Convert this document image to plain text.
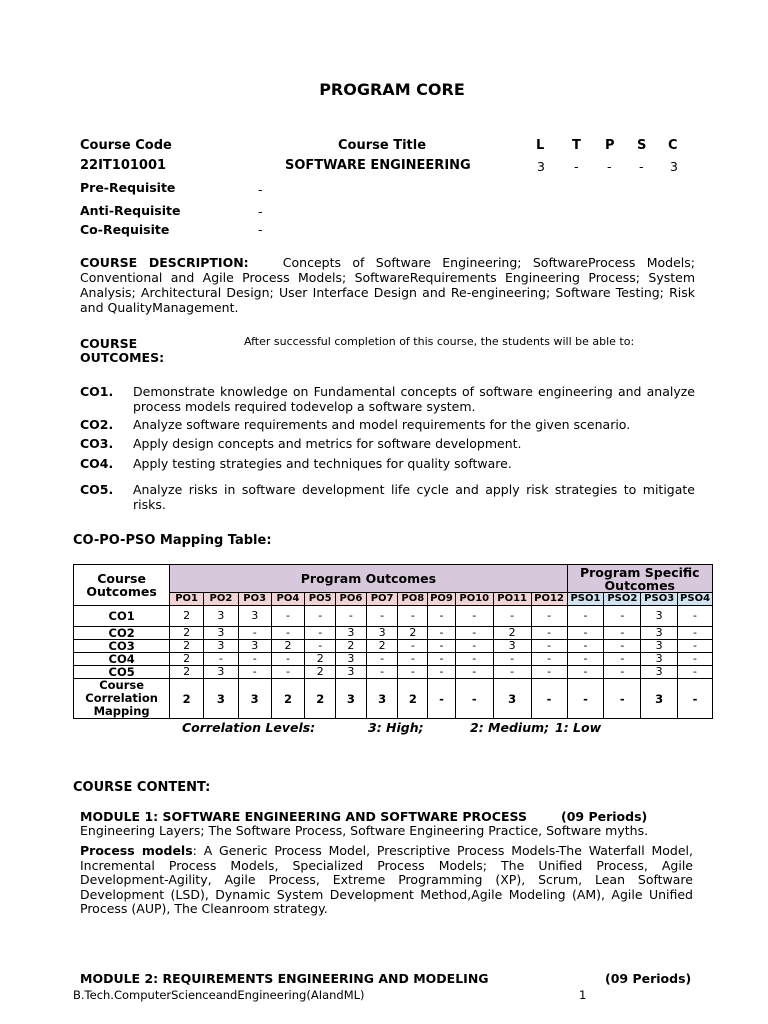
PROGRAM CORE
Course Code	Course Title	L T P S C
22IT101001	SOFTWARE ENGINEERING	3 - - - 3
Pre-Requisite	-
Anti-Requisite	-
Co-Requisite	-
COURSE DESCRIPTION:	Concepts of Software Engineering; SoftwareProcess Models; Conventional and Agile Process Models; SoftwareRequirements Engineering Process; System Analysis; Architectural Design; User Interface Design and Re-engineering; Software Testing; Risk and QualityManagement.
COURSE
OUTCOMES:
After successful completion of this course, the students will be able to:
CO1. Demonstrate knowledge on Fundamental concepts of software engineering and analyze process models required todevelop a software system.
CO2. Analyze software requirements and model requirements for the given scenario.
CO3. Apply design concepts and metrics for software development.
CO4. Apply testing strategies and techniques for quality software.
CO5. Analyze risks in software development life cycle and apply risk strategies to mitigate risks.
CO-PO-PSO Mapping Table:
Course Outcomes	Program Outcomes												Program Specific Outcomes			
	PO1	PO2	PO3	PO4	PO5	PO6	PO7	PO8	PO9	PO10	PO11	PO12	PSO1	PSO2	PSO3	PSO4
CO1	2	3	3	-	-	-	-	-	-	-	-	-	-	-	3	-
CO2	2	3	-	-	-	3	3	2	-	-	2	-	-	-	3	-
CO3	2	3	3	2	-	2	2	-	-	-	3	-	-	-	3	-
CO4	2	-	-	-	2	3	-	-	-	-	-	-	-	-	3	-
CO5	2	3	-	-	2	3	-	-	-	-	-	-	-	-	3	-
Course Correlation Mapping	2	3	3	2	2	3	3	2	-	-	3	-	-	-	3	-
Correlation Levels:	3: High;	2: Medium; 1: Low
COURSE CONTENT:
MODULE 1: SOFTWARE ENGINEERING AND SOFTWARE PROCESS	(09 Periods)
Engineering Layers; The Software Process, Software Engineering Practice, Software myths.
Process models: A Generic Process Model, Prescriptive Process Models-The Waterfall Model, Incremental Process Models, Specialized Process Models; The Unified Process, Agile Development-Agility, Agile Process, Extreme Programming (XP), Scrum, Lean Software Development (LSD), Dynamic System Development Method,Agile Modeling (AM), Agile Unified Process (AUP), The Cleanroom strategy.
MODULE 2: REQUIREMENTS ENGINEERING AND MODELING	(09 Periods)
B.Tech.ComputerScienceandEngineering(AIandML)	1
